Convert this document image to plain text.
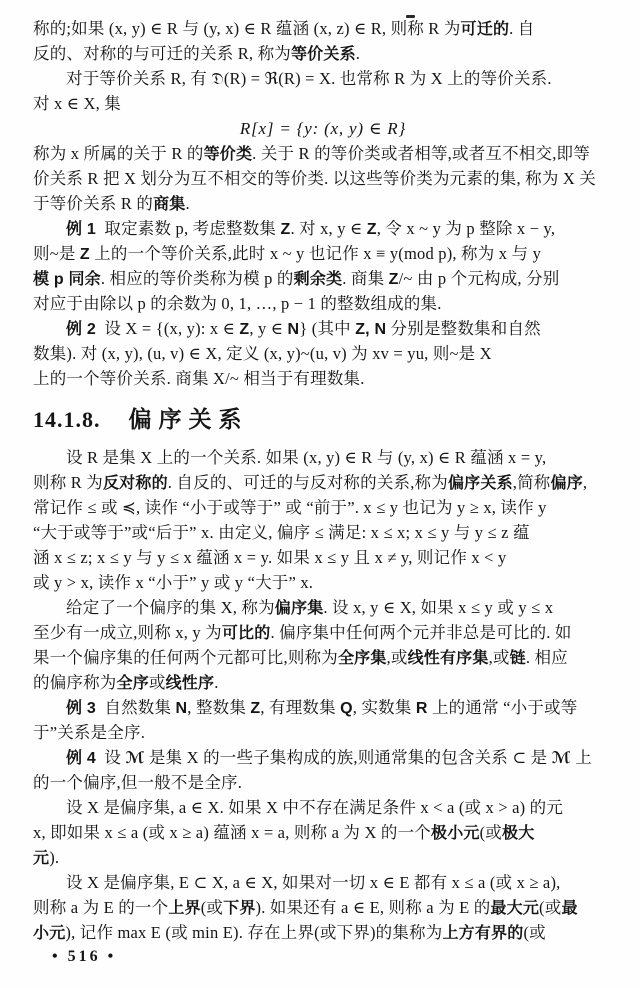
称的;如果 (x, y) ∈ R 与 (y, x) ∈ R 蕴涵 (x, z) ∈ R, 则称 R 为可迁的. 自
反的、对称的与可迁的关系 R, 称为等价关系.
对于等价关系 R, 有 𝔇(R) = ℜ(R) = X. 也常称 R 为 X 上的等价关系.
对 x ∈ X, 集
R[x] = {y: (x, y) ∈ R}
称为 x 所属的关于 R 的等价类. 关于 R 的等价类或者相等,或者互不相交,即等
价关系 R 把 X 划分为互不相交的等价类. 以这些等价类为元素的集, 称为 X 关
于等价关系 R 的商集.
例 1 取定素数 p, 考虑整数集 Z. 对 x, y ∈ Z, 令 x ~ y 为 p 整除 x − y,
则~是 Z 上的一个等价关系,此时 x ~ y 也记作 x ≡ y(mod p), 称为 x 与 y
模 p 同余. 相应的等价类称为模 p 的剩余类. 商集 Z/~ 由 p 个元构成, 分别
对应于由除以 p 的余数为 0, 1, …, p − 1 的整数组成的集.
例 2 设 X = {(x, y): x ∈ Z, y ∈ N} (其中 Z, N 分别是整数集和自然
数集). 对 (x, y), (u, v) ∈ X, 定义 (x, y)~(u, v) 为 xv = yu, 则~是 X
上的一个等价关系. 商集 X/~ 相当于有理数集.
14.1.8. 偏序关系
设 R 是集 X 上的一个关系. 如果 (x, y) ∈ R 与 (y, x) ∈ R 蕴涵 x = y,
则称 R 为反对称的. 自反的、可迁的与反对称的关系,称为偏序关系,简称偏序,
常记作 ≤ 或 ≼, 读作 “小于或等于” 或 “前于”. x ≤ y 也记为 y ≥ x, 读作 y
“大于或等于”或“后于” x. 由定义, 偏序 ≤ 满足: x ≤ x; x ≤ y 与 y ≤ z 蕴
涵 x ≤ z; x ≤ y 与 y ≤ x 蕴涵 x = y. 如果 x ≤ y 且 x ≠ y, 则记作 x < y
或 y > x, 读作 x “小于” y 或 y “大于” x.
给定了一个偏序的集 X, 称为偏序集. 设 x, y ∈ X, 如果 x ≤ y 或 y ≤ x
至少有一成立,则称 x, y 为可比的. 偏序集中任何两个元并非总是可比的. 如
果一个偏序集的任何两个元都可比,则称为全序集,或线性有序集,或链. 相应
的偏序称为全序或线性序.
例 3 自然数集 N, 整数集 Z, 有理数集 Q, 实数集 R 上的通常 “小于或等
于”关系是全序.
例 4 设 ℳ 是集 X 的一些子集构成的族,则通常集的包含关系 ⊂ 是 ℳ 上
的一个偏序,但一般不是全序.
设 X 是偏序集, a ∈ X. 如果 X 中不存在满足条件 x < a (或 x > a) 的元
x, 即如果 x ≤ a (或 x ≥ a) 蕴涵 x = a, 则称 a 为 X 的一个极小元(或极大
元).
设 X 是偏序集, E ⊂ X, a ∈ X, 如果对一切 x ∈ E 都有 x ≤ a (或 x ≥ a),
则称 a 为 E 的一个上界(或下界). 如果还有 a ∈ E, 则称 a 为 E 的最大元(或最
小元), 记作 max E (或 min E). 存在上界(或下界)的集称为上方有界的(或
• 516 •
